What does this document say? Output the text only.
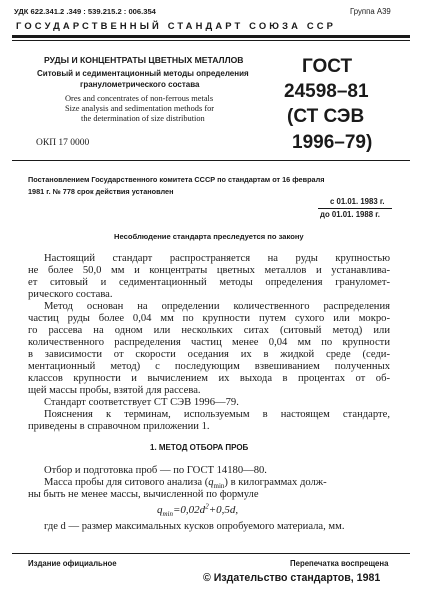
УДК 622.341.2 .349 : 539.215.2 : 006.354	Группа А39
ГОСУДАРСТВЕННЫЙ СТАНДАРТ СОЮЗА ССР
РУДЫ И КОНЦЕНТРАТЫ ЦВЕТНЫХ МЕТАЛЛОВ
Ситовый и седиментационный методы определения
гранулометрического состава
Ores and concentrates of non-ferrous metals
Size analysis and sedimentation methods for
the determination of size distribution
ОКП 17 0000
ГОСТ
24598–81
(СТ СЭВ
1996–79)
Постановлением Государственного комитета СССР по стандартам от 16 февраля
1981 г. № 778 срок действия установлен
с 01.01. 1983 г.
до 01.01. 1988 г.
Несоблюдение стандарта преследуется по закону
Настоящий стандарт распространяется на руды крупностью
не более 50,0 мм и концентраты цветных металлов и устанавлива-
ет ситовый и седиментационный методы определения грануломет-
рического состава.
Метод основан на определении количественного распределения
частиц руды более 0,04 мм по крупности путем сухого или мокро-
го рассева на одном или нескольких ситах (ситовый метод) или
количественного распределения частиц менее 0,04 мм по крупности
в зависимости от скорости оседания их в жидкой среде (седи-
ментационный метод) с последующим взвешиванием полученных
классов крупности и вычислением их выхода в процентах от об-
щей массы пробы, взятой для рассева.
Стандарт соответствует СТ СЭВ 1996—79.
Пояснения к терминам, используемым в настоящем стандарте,
приведены в справочном приложении 1.
1. МЕТОД ОТБОРА ПРОБ
Отбор и подготовка проб — по ГОСТ 14180—80.
Масса пробы для ситового анализа $(q_{min})$ в килограммах долж-
ны быть не менее массы, вычисленной по формуле
$q_{min}=0,02d^2+0,5d$,
где d — размер максимальных кусков опробуемого материала, мм.
Издание официальное	Перепечатка воспрещена
© Издательство стандартов, 1981
